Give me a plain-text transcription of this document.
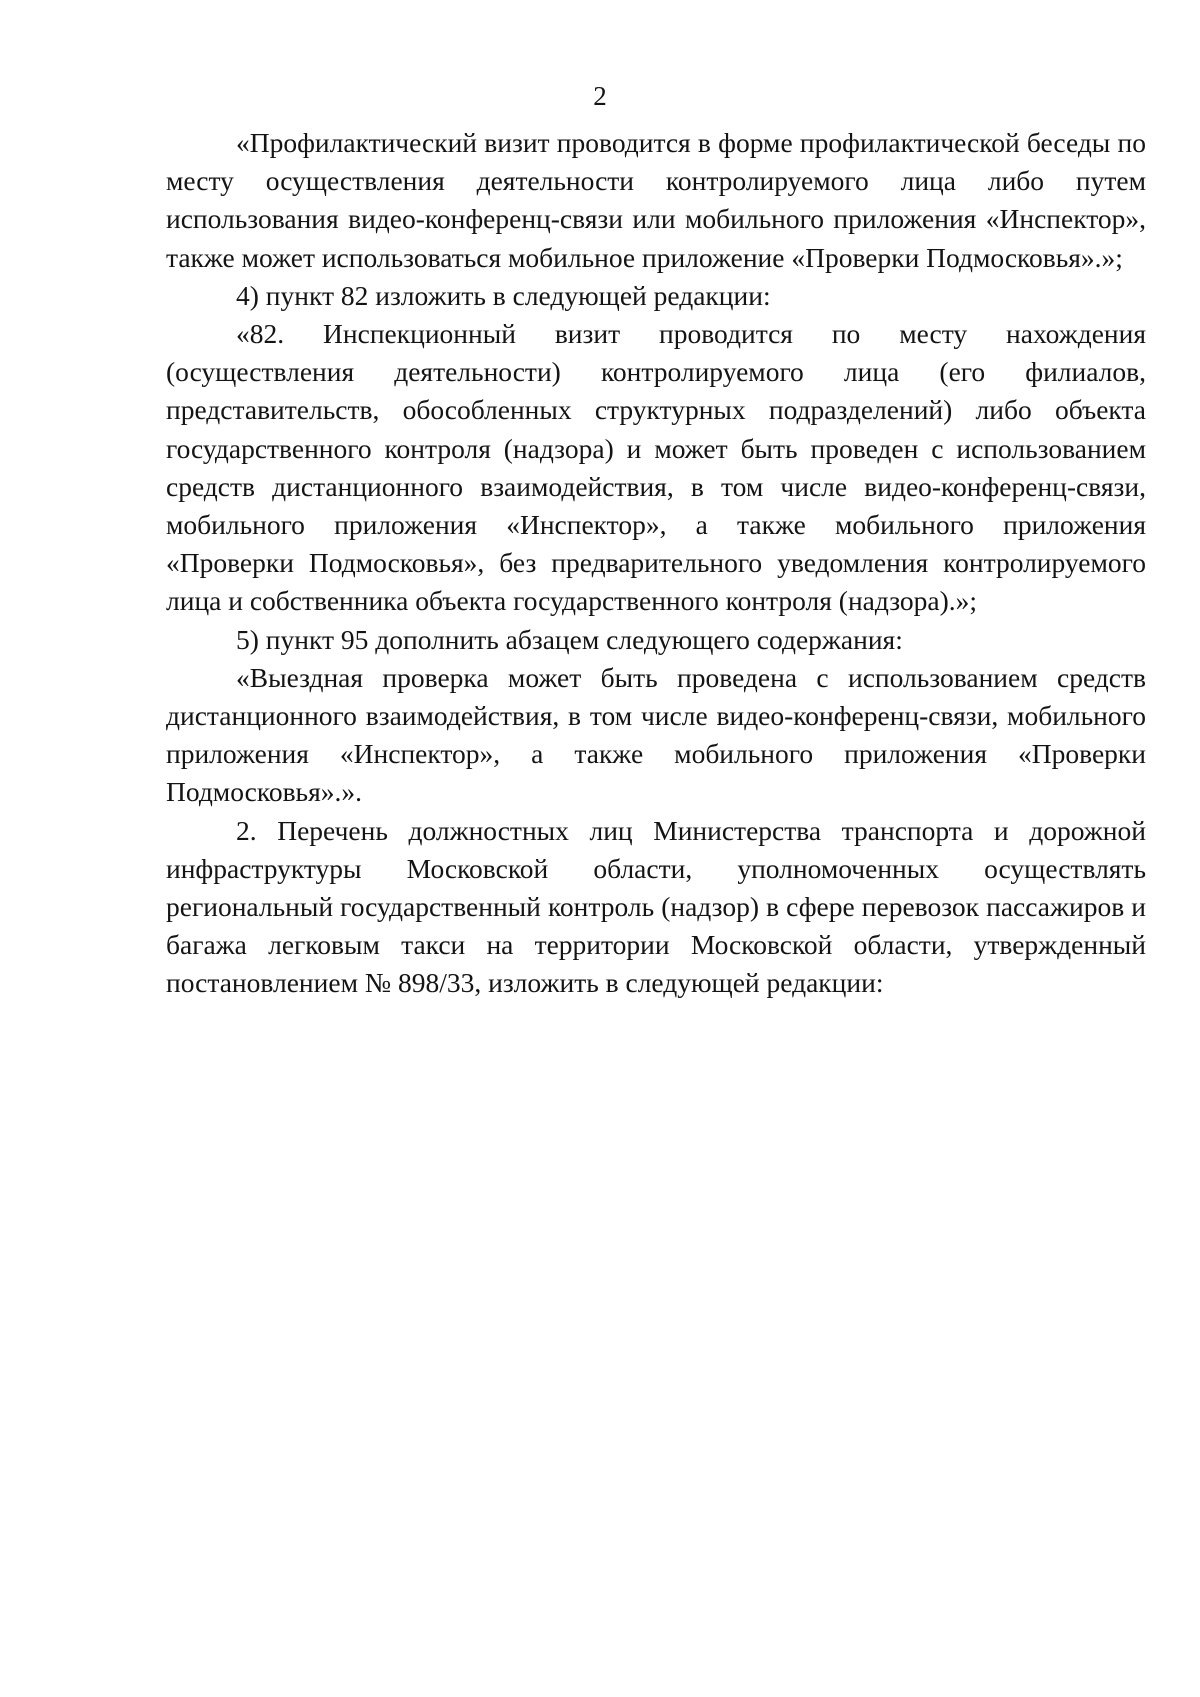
2

«Профилактический визит проводится в форме профилактической беседы по месту осуществления деятельности контролируемого лица либо путем использования видео-конференц-связи или мобильного приложения «Инспектор», также может использоваться мобильное приложение «Проверки Подмосковья».»;

4) пункт 82 изложить в следующей редакции:

«82. Инспекционный визит проводится по месту нахождения (осуществления деятельности) контролируемого лица (его филиалов, представительств, обособленных структурных подразделений) либо объекта государственного контроля (надзора) и может быть проведен с использованием средств дистанционного взаимодействия, в том числе видео-конференц-связи, мобильного приложения «Инспектор», а также мобильного приложения «Проверки Подмосковья», без предварительного уведомления контролируемого лица и собственника объекта государственного контроля (надзора).»;

5) пункт 95 дополнить абзацем следующего содержания:

«Выездная проверка может быть проведена с использованием средств дистанционного взаимодействия, в том числе видео-конференц-связи, мобильного приложения «Инспектор», а также мобильного приложения «Проверки Подмосковья».».

2. Перечень должностных лиц Министерства транспорта и дорожной инфраструктуры Московской области, уполномоченных осуществлять региональный государственный контроль (надзор) в сфере перевозок пассажиров и багажа легковым такси на территории Московской области, утвержденный постановлением № 898/33, изложить в следующей редакции:
